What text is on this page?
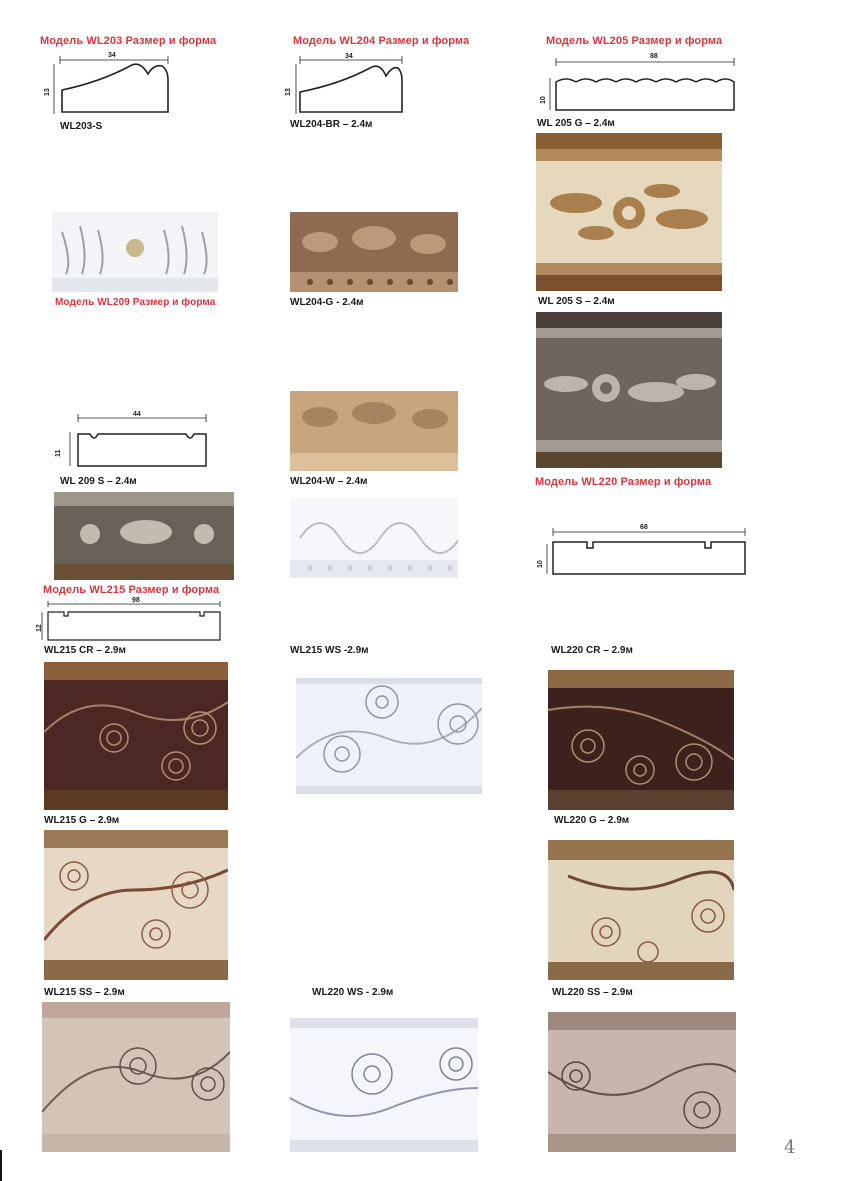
Модель WL203 Размер и форма	Модель WL204 Размер и форма	Модель WL205 Размер и форма
Модель WL209 Размер и форма
Модель WL220 Размер и форма
Модель WL215 Размер и форма
34
13
WL203-S
34
13
WL204-BR – 2.4м
88
10
WL 205 G – 2.4м
WL 205 S – 2.4м
WL204-G - 2.4м
WL204-W – 2.4м
44
11
WL 209 S – 2.4м
68
10
98
12
WL215 CR – 2.9м	WL215 WS -2.9м	WL220 CR – 2.9м
WL215 G – 2.9м	WL220 G – 2.9м
WL215 SS – 2.9м	WL220 WS - 2.9м	WL220 SS – 2.9м
4
